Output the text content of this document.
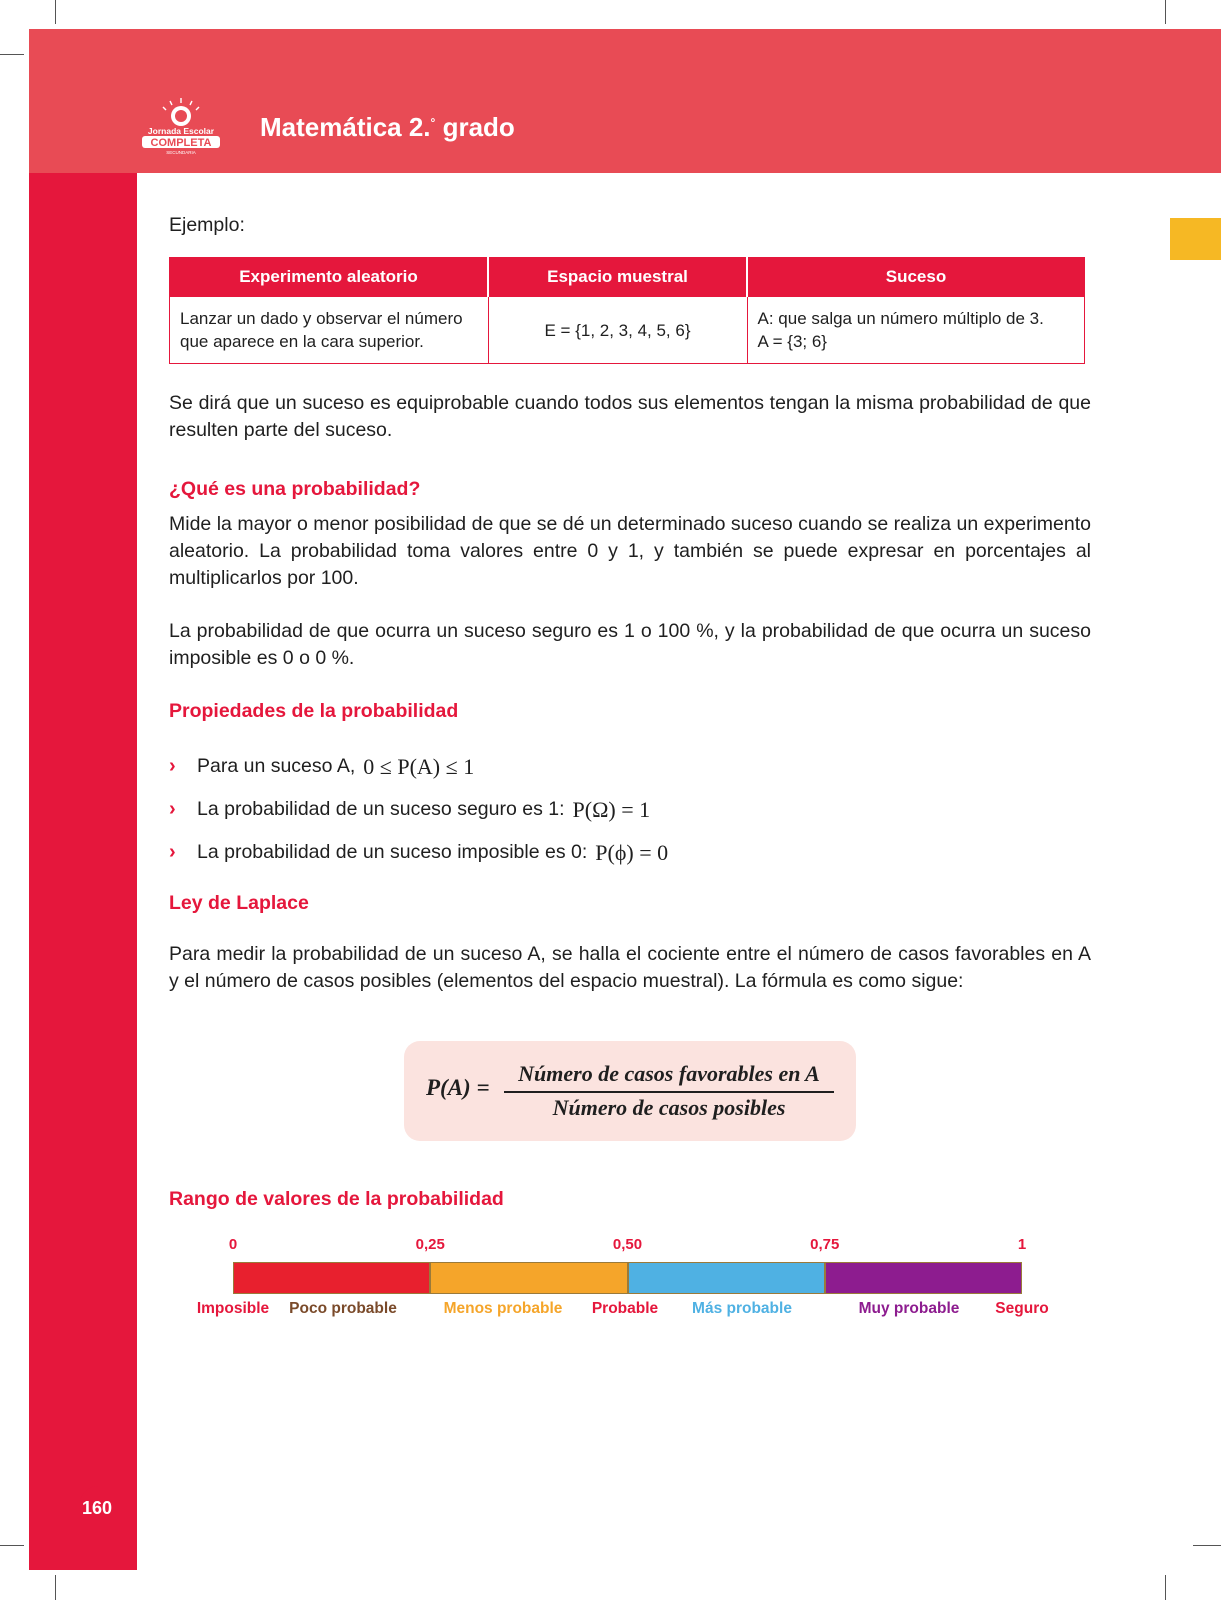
Jornada Escolar
COMPLETA
SECUNDARIA
Matemática 2.° grado
160

Ejemplo:

Experimento aleatorio	Espacio muestral	Suceso
Lanzar un dado y observar el número que aparece en la cara superior.	E = {1, 2, 3, 4, 5, 6}	A: que salga un número múltiplo de 3.
A = {3; 6}

Se dirá que un suceso es equiprobable cuando todos sus elementos tengan la misma probabilidad de que resulten parte del suceso.

¿Qué es una probabilidad?

Mide la mayor o menor posibilidad de que se dé un determinado suceso cuando se realiza un experimento aleatorio. La probabilidad toma valores entre 0 y 1, y también se puede expresar en porcentajes al multiplicarlos por 100.

La probabilidad de que ocurra un suceso seguro es 1 o 100 %, y la probabilidad de que ocurra un suceso imposible es 0 o 0 %.

Propiedades de la probabilidad

›	Para un suceso A, 0 ≤ P(A) ≤ 1
›	La probabilidad de un suceso seguro es 1: P(Ω) = 1
›	La probabilidad de un suceso imposible es 0: P(ϕ) = 0

Ley de Laplace

Para medir la probabilidad de un suceso A, se halla el cociente entre el número de casos favorables en A y el número de casos posibles (elementos del espacio muestral). La fórmula es como sigue:

P(A) =
Número de casos favorables en A
Número de casos posibles
Rango de valores de la probabilidad
0	0,25	0,50	0,75	1
Imposible	Poco probable	Menos probable	Probable	Más probable	Muy probable	Seguro
